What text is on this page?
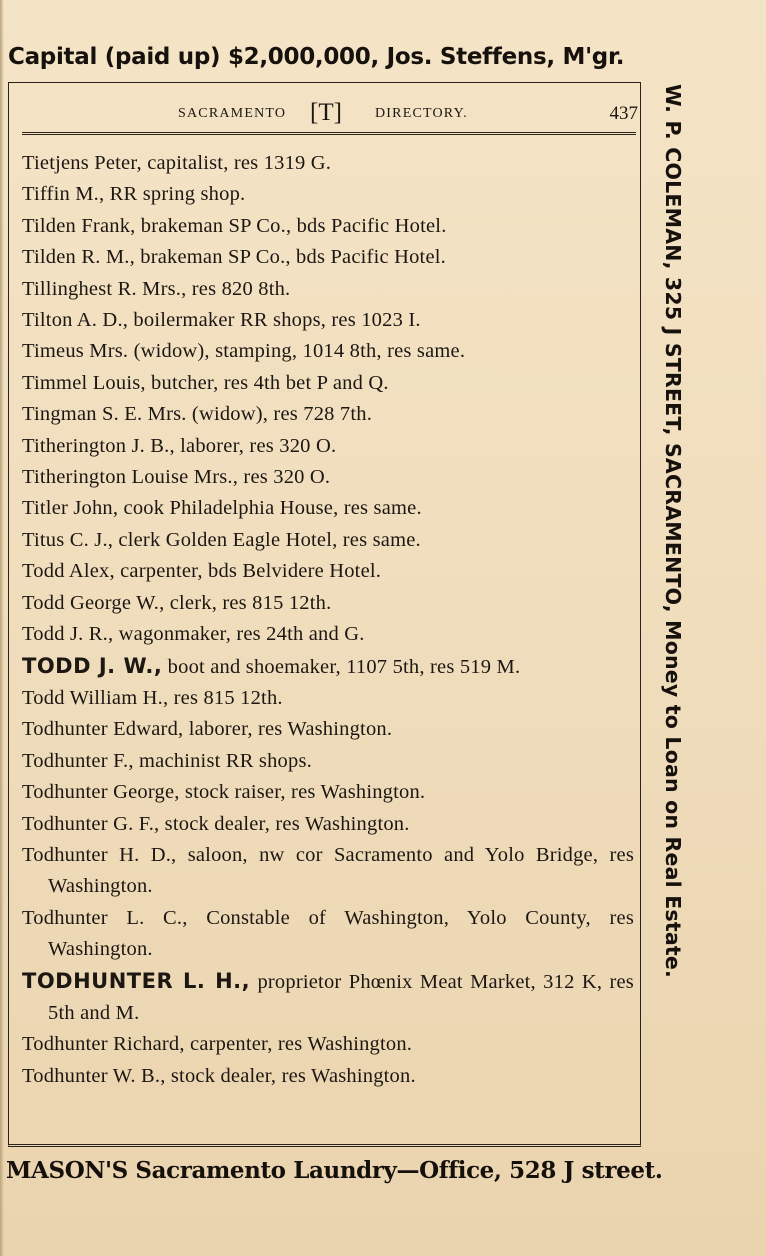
Capital (paid up) $2,000,000, Jos. Steffens, M'gr.
SACRAMENTO [T] DIRECTORY.	437
Tietjens Peter, capitalist, res 1319 G.
Tiffin M., RR spring shop.
Tilden Frank, brakeman SP Co., bds Pacific Hotel.
Tilden R. M., brakeman SP Co., bds Pacific Hotel.
Tillinghest R. Mrs., res 820 8th.
Tilton A. D., boilermaker RR shops, res 1023 I.
Timeus Mrs. (widow), stamping, 1014 8th, res same.
Timmel Louis, butcher, res 4th bet P and Q.
Tingman S. E. Mrs. (widow), res 728 7th.
Titherington J. B., laborer, res 320 O.
Titherington Louise Mrs., res 320 O.
Titler John, cook Philadelphia House, res same.
Titus C. J., clerk Golden Eagle Hotel, res same.
Todd Alex, carpenter, bds Belvidere Hotel.
Todd George W., clerk, res 815 12th.
Todd J. R., wagonmaker, res 24th and G.
TODD J. W., boot and shoemaker, 1107 5th, res 519 M.
Todd William H., res 815 12th.
Todhunter Edward, laborer, res Washington.
Todhunter F., machinist RR shops.
Todhunter George, stock raiser, res Washington.
Todhunter G. F., stock dealer, res Washington.
Todhunter H. D., saloon, nw cor Sacramento and Yolo Bridge, res Washington.
Todhunter L. C., Constable of Washington, Yolo County, res Washington.
TODHUNTER L. H., proprietor Phœnix Meat Market, 312 K, res 5th and M.
Todhunter Richard, carpenter, res Washington.
Todhunter W. B., stock dealer, res Washington.
W. P. COLEMAN, 325 J STREET, SACRAMENTO, Money to Loan on Real Estate.
MASON'S Sacramento Laundry—Office, 528 J street.
